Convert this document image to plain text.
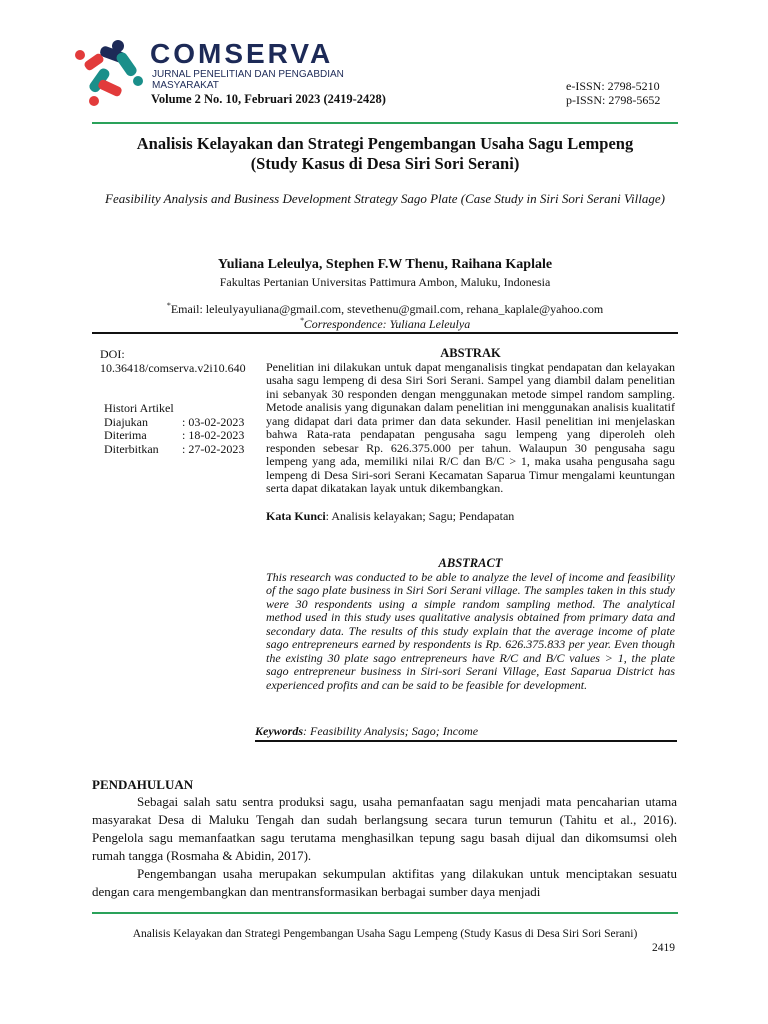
COMSERVA
JURNAL PENELITIAN DAN PENGABDIAN
MASYARAKAT
Volume 2 No. 10, Februari 2023 (2419-2428)
e-ISSN: 2798-5210
p-ISSN: 2798-5652
Analisis Kelayakan dan Strategi Pengembangan Usaha Sagu Lempeng
(Study Kasus di Desa Siri Sori Serani)
Feasibility Analysis and Business Development Strategy Sago Plate (Case Study in Siri Sori Serani Village)
Yuliana Leleulya, Stephen F.W Thenu, Raihana Kaplale
Fakultas Pertanian Universitas Pattimura Ambon, Maluku, Indonesia
*Email: leleulyayuliana@gmail.com, stevethenu@gmail.com, rehana_kaplale@yahoo.com
*Correspondence: Yuliana Leleulya
DOI:
10.36418/comserva.v2i10.640
Histori Artikel
Diajukan	: 03-02-2023
Diterima	: 18-02-2023
Diterbitkan	: 27-02-2023
ABSTRAK
Penelitian ini dilakukan untuk dapat menganalisis tingkat pendapatan dan kelayakan usaha sagu lempeng di desa Siri Sori Serani. Sampel yang diambil dalam penelitian ini sebanyak 30 responden dengan menggunakan metode simpel random sampling. Metode analisis yang digunakan dalam penelitian ini menggunakan analisis kualitatif yang didapat dari data primer dan data sekunder. Hasil penelitian ini menjelaskan bahwa Rata-rata pendapatan pengusaha sagu lempeng yang diperoleh oleh responden sebesar Rp. 626.375.000 per tahun. Walaupun 30 pengusaha sagu lempeng yang ada, memiliki nilai R/C dan B/C > 1, maka usaha pengusaha sagu lempeng di Desa Siri-sori Serani Kecamatan Saparua Timur mengalami keuntungan serta dapat dikatakan layak untuk dikembangkan.
Kata Kunci: Analisis kelayakan; Sagu; Pendapatan
ABSTRACT
This research was conducted to be able to analyze the level of income and feasibility of the sago plate business in Siri Sori Serani village. The samples taken in this study were 30 respondents using a simple random sampling method. The analytical method used in this study uses qualitative analysis obtained from primary data and secondary data. The results of this study explain that the average income of plate sago entrepreneurs earned by respondents is Rp. 626.375.833 per year. Even though the existing 30 plate sago entrepreneurs have R/C and B/C values > 1, the plate sago entrepreneur business in Siri-sori Serani Village, East Saparua District has experienced profits and can be said to be feasible for development.
Keywords: Feasibility Analysis; Sago; Income
PENDAHULUAN
Sebagai salah satu sentra produksi sagu, usaha pemanfaatan sagu menjadi mata pencaharian utama masyarakat Desa di Maluku Tengah dan sudah berlangsung secara turun temurun (Tahitu et al., 2016). Pengelola sagu memanfaatkan sagu terutama menghasilkan tepung sagu basah dijual dan dikomsumsi oleh rumah tangga (Rosmaha & Abidin, 2017).
Pengembangan usaha merupakan sekumpulan aktifitas yang dilakukan untuk menciptakan sesuatu dengan cara mengembangkan dan mentransformasikan berbagai sumber daya menjadi
Analisis Kelayakan dan Strategi Pengembangan Usaha Sagu Lempeng (Study Kasus di Desa Siri Sori Serani)
2419
